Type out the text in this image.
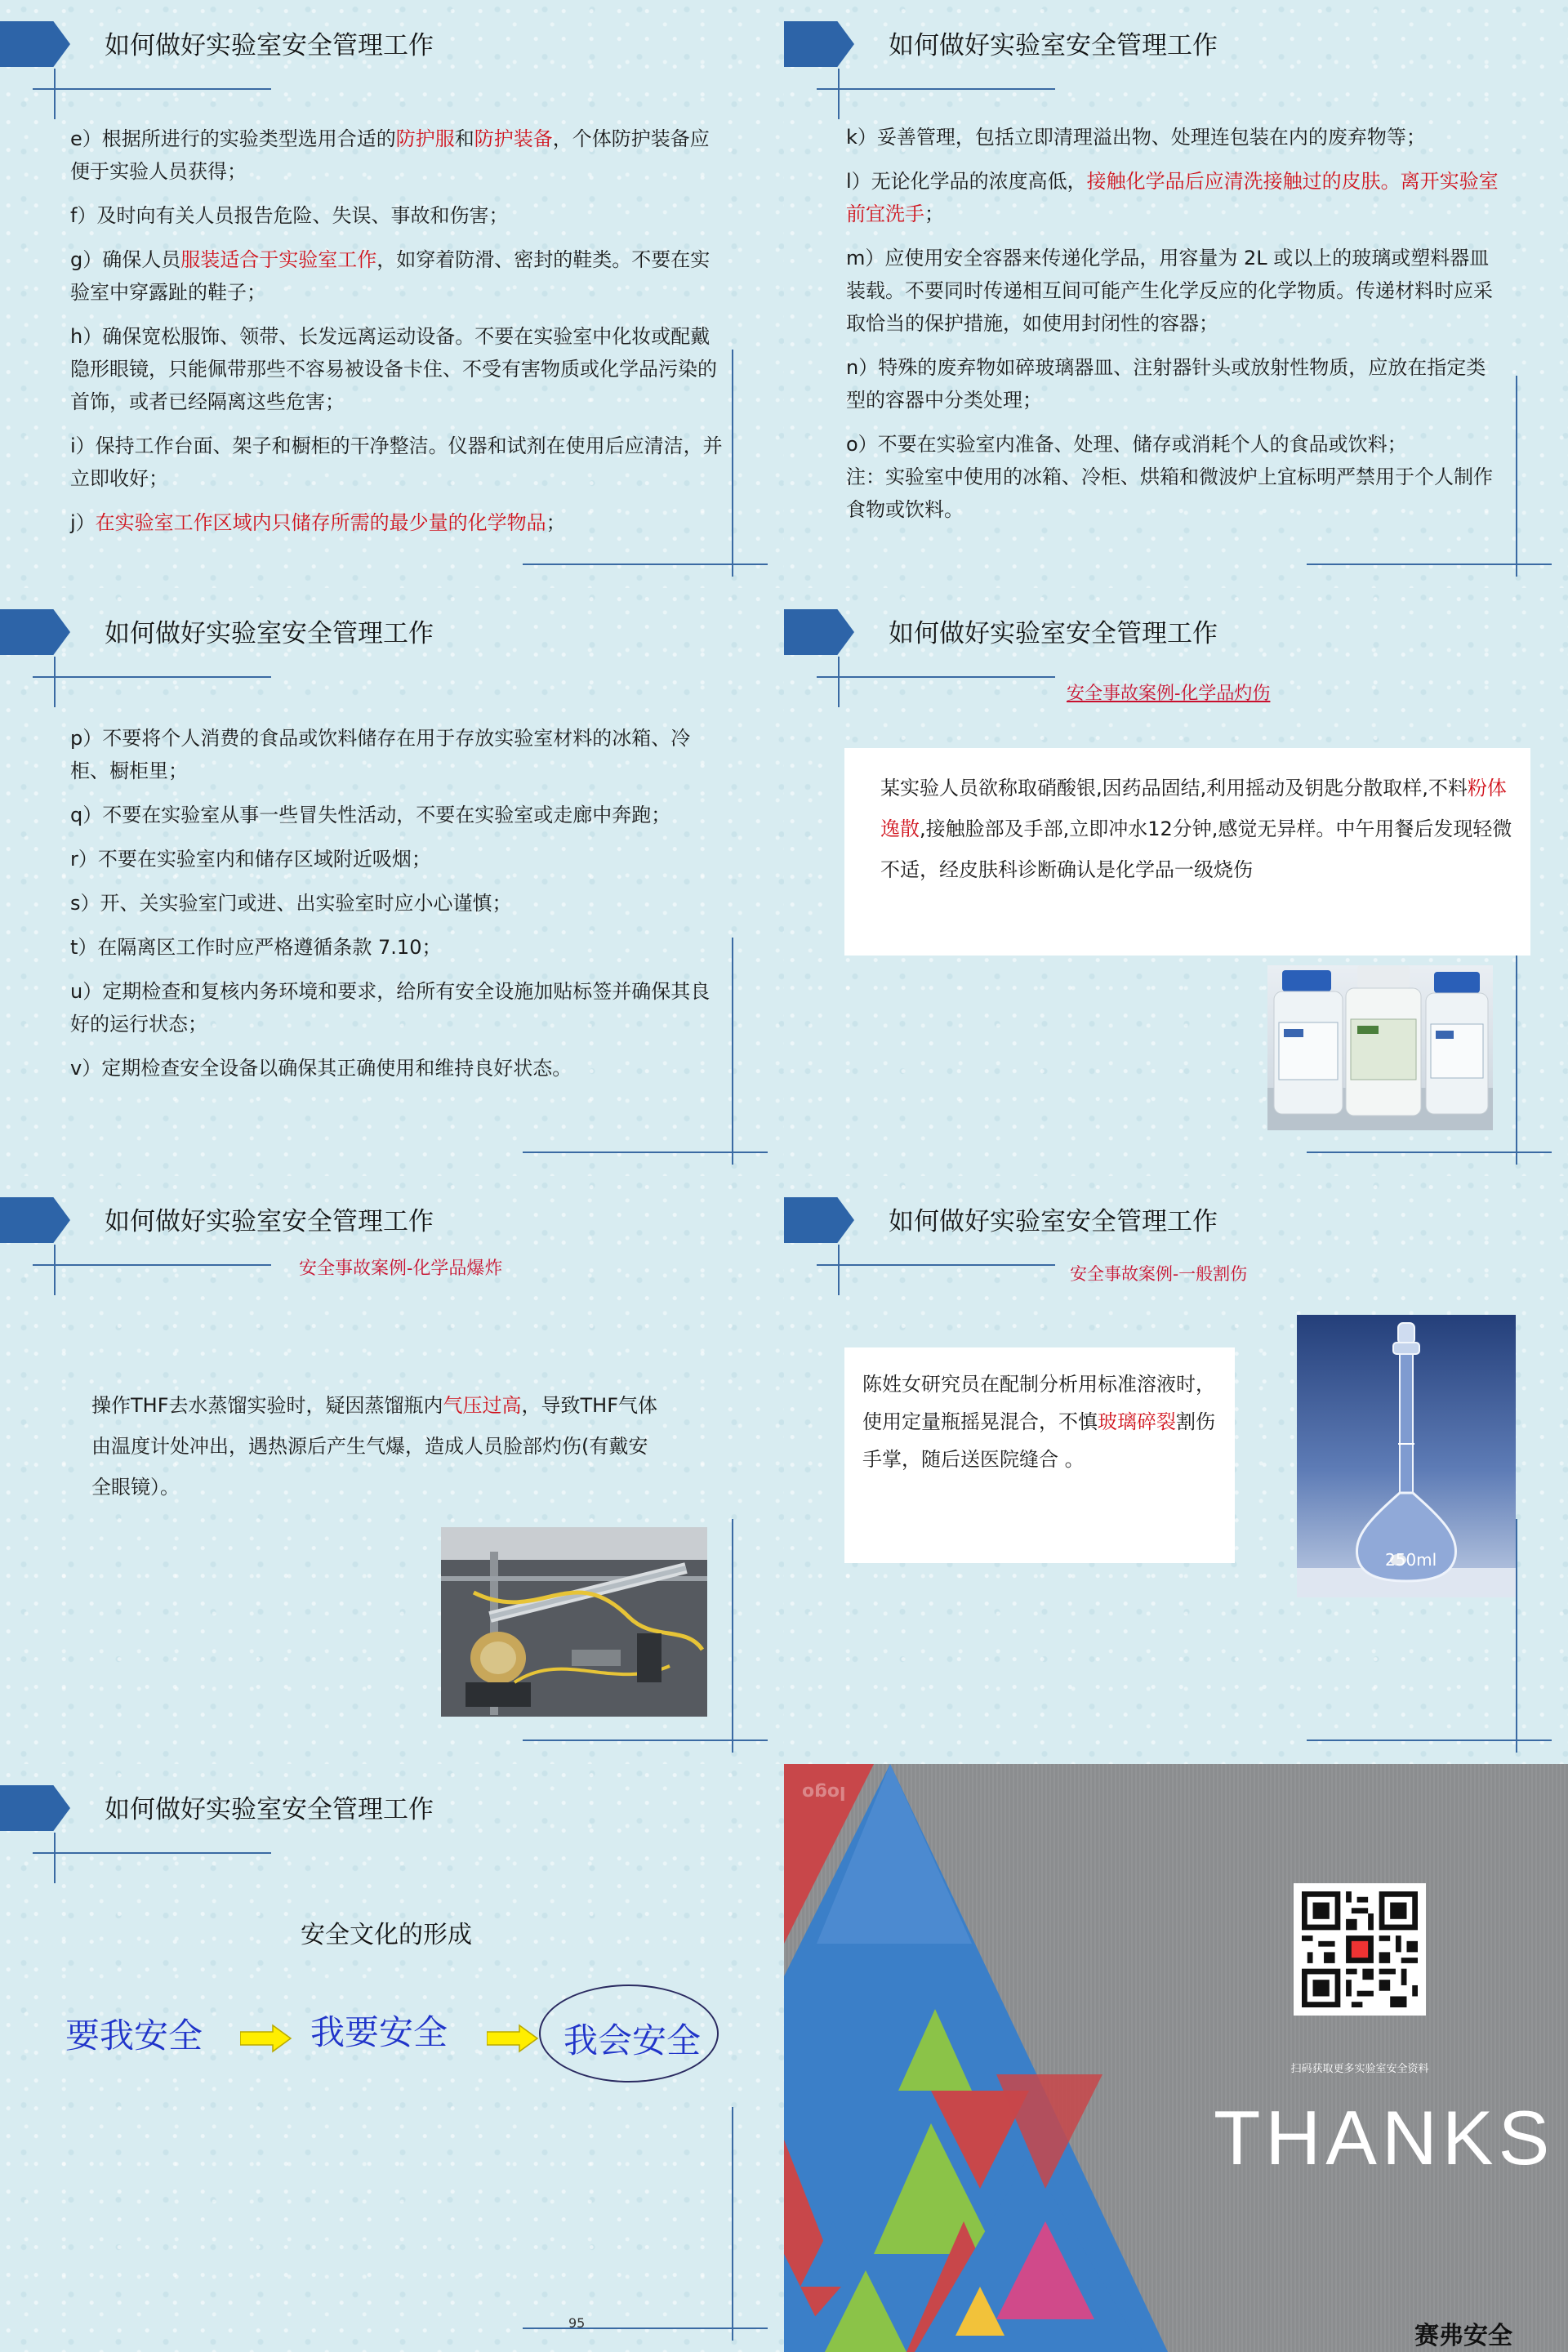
如何做好实验室安全管理工作

e）根据所进行的实验类型选用合适的防护服和防护装备，个体防护装备应便于实验人员获得；

f）及时向有关人员报告危险、失误、事故和伤害；

g）确保人员服装适合于实验室工作，如穿着防滑、密封的鞋类。不要在实验室中穿露趾的鞋子；

h）确保宽松服饰、领带、长发远离运动设备。不要在实验室中化妆或配戴隐形眼镜，只能佩带那些不容易被设备卡住、不受有害物质或化学品污染的首饰，或者已经隔离这些危害；

i）保持工作台面、架子和橱柜的干净整洁。仪器和试剂在使用后应清洁，并立即收好；

j）在实验室工作区域内只储存所需的最少量的化学物品；

如何做好实验室安全管理工作

k）妥善管理，包括立即清理溢出物、处理连包装在内的废弃物等；

l）无论化学品的浓度高低，接触化学品后应清洗接触过的皮肤。离开实验室前宜洗手；

m）应使用安全容器来传递化学品，用容量为 2L 或以上的玻璃或塑料器皿装载。不要同时传递相互间可能产生化学反应的化学物质。传递材料时应采取恰当的保护措施，如使用封闭性的容器；

n）特殊的废弃物如碎玻璃器皿、注射器针头或放射性物质，应放在指定类型的容器中分类处理；

o）不要在实验室内准备、处理、储存或消耗个人的食品或饮料；

注：实验室中使用的冰箱、冷柜、烘箱和微波炉上宜标明严禁用于个人制作食物或饮料。

如何做好实验室安全管理工作

p）不要将个人消费的食品或饮料储存在用于存放实验室材料的冰箱、冷柜、橱柜里；

q）不要在实验室从事一些冒失性活动，不要在实验室或走廊中奔跑；

r）不要在实验室内和储存区域附近吸烟；

s）开、关实验室门或进、出实验室时应小心谨慎；

t）在隔离区工作时应严格遵循条款 7.10；

u）定期检查和复核内务环境和要求，给所有安全设施加贴标签并确保其良好的运行状态；

v）定期检查安全设备以确保其正确使用和维持良好状态。

如何做好实验室安全管理工作
安全事故案例-化学品灼伤
某实验人员欲称取硝酸银,因药品固结,利用摇动及钥匙分散取样,不料粉体逸散,接触脸部及手部,立即冲水12分钟,感觉无异样。中午用餐后发现轻微不适，经皮肤科诊断确认是化学品一级烧伤
如何做好实验室安全管理工作
安全事故案例-化学品爆炸
操作THF去水蒸馏实验时，疑因蒸馏瓶内气压过高，导致THF气体由温度计处冲出，遇热源后产生气爆，造成人员脸部灼伤(有戴安全眼镜）。
如何做好实验室安全管理工作
安全事故案例-一般割伤
陈姓女研究员在配制分析用标准溶液时，使用定量瓶摇晃混合，不慎玻璃碎裂割伤手掌，随后送医院缝合 。
250ml
如何做好实验室安全管理工作
安全文化的形成
要我安全	我要安全	我会安全
95
logo
扫码获取更多实验室安全资料
THANKS
赛弗安全
